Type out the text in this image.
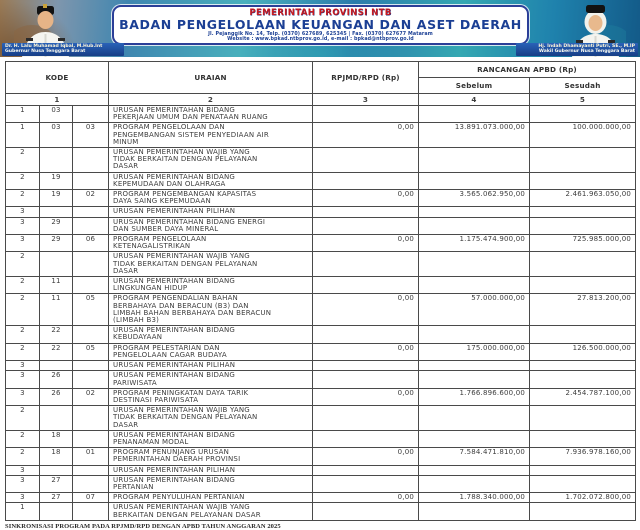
PEMERINTAH PROVINSI NTB
BADAN PENGELOLAAN KEUANGAN DAN ASET DAERAH
Jl. Pejanggik No. 14, Telp. (0370) 627689, 625345 | Fax. (0370) 627677 Mataram
Website : www.bpkad.ntbprov.go.id, e-mail : bpkad@ntbprov.go.id
Dr. H. Lalu Muhamad Iqbal, M.Hub.Int
Gubernur Nusa Tenggara Barat
Hj. Indah Dhamayanti Putri, SE., M.IP
Wakil Gubernur Nusa Tenggara Barat
KODE			URAIAN	RPJMD/RPD (Rp)	RANCANGAN APBD (Rp)	
					Sebelum	Sesudah
1			2	3	4	5
1	03		URUSAN PEMERINTAHAN BIDANG PEKERJAAN UMUM DAN PENATAAN RUANG			

1	03	03	PROGRAM PENGELOLAAN DAN PENGEMBANGAN SISTEM PENYEDIAAN AIR MINUM	0,00	13.891.073.000,00	100.000.000,00
2			URUSAN PEMERINTAHAN WAJIB YANG TIDAK BERKAITAN DENGAN PELAYANAN DASAR			

2	19		URUSAN PEMERINTAHAN BIDANG KEPEMUDAAN DAN OLAHRAGA			

2	19	02	PROGRAM PENGEMBANGAN KAPASITAS DAYA SAING KEPEMUDAAN	0,00	3.565.062.950,00	2.461.963.050,00
3			URUSAN PEMERINTAHAN PILIHAN			

3	29		URUSAN PEMERINTAHAN BIDANG ENERGI DAN SUMBER DAYA MINERAL			

3	29	06	PROGRAM PENGELOLAAN KETENAGALISTRIKAN	0,00	1.175.474.900,00	725.985.000,00
2			URUSAN PEMERINTAHAN WAJIB YANG TIDAK BERKAITAN DENGAN PELAYANAN DASAR			

2	11		URUSAN PEMERINTAHAN BIDANG LINGKUNGAN HIDUP			

2	11	05	PROGRAM PENGENDALIAN BAHAN BERBAHAYA DAN BERACUN (B3) DAN LIMBAH BAHAN BERBAHAYA DAN BERACUN (LIMBAH B3)	0,00	57.000.000,00	27.813.200,00
2	22		URUSAN PEMERINTAHAN BIDANG KEBUDAYAAN			

2	22	05	PROGRAM PELESTARIAN DAN PENGELOLAAN CAGAR BUDAYA	0,00	175.000.000,00	126.500.000,00
3			URUSAN PEMERINTAHAN PILIHAN			

3	26		URUSAN PEMERINTAHAN BIDANG PARIWISATA			

3	26	02	PROGRAM PENINGKATAN DAYA TARIK DESTINASI PARIWISATA	0,00	1.766.896.600,00	2.454.787.100,00
2			URUSAN PEMERINTAHAN WAJIB YANG TIDAK BERKAITAN DENGAN PELAYANAN DASAR			

2	18		URUSAN PEMERINTAHAN BIDANG PENANAMAN MODAL			

2	18	01	PROGRAM PENUNJANG URUSAN PEMERINTAHAN DAERAH PROVINSI	0,00	7.584.471.810,00	7.936.978.160,00
3			URUSAN PEMERINTAHAN PILIHAN			

3	27		URUSAN PEMERINTAHAN BIDANG PERTANIAN			

3	27	07	PROGRAM PENYULUHAN PERTANIAN	0,00	1.788.340.000,00	1.702.072.800,00
1			URUSAN PEMERINTAHAN WAJIB YANG BERKAITAN DENGAN PELAYANAN DASAR			

SINKRONISASI PROGRAM PADA RPJMD/RPD DENGAN APBD TAHUN ANGGARAN 2025
